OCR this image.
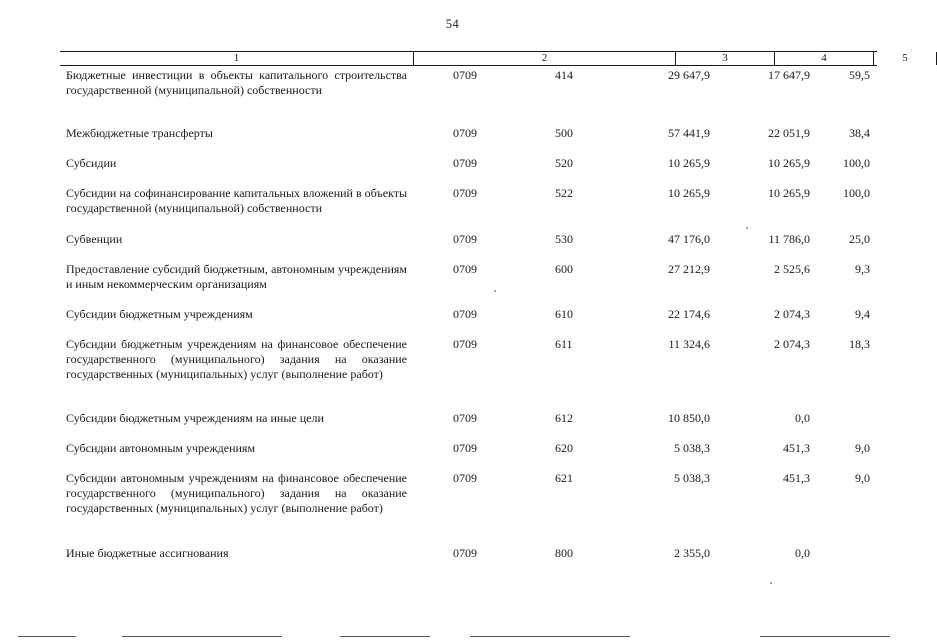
54
1	2	3	4	5
Бюджетные инвестиции в объекты капитального строительства государственной (муниципальной) собственности
0709	414	29 647,9	17 647,9	59,5
Межбюджетные трансферты	0709	500	57 441,9	22 051,9	38,4
Субсидии	0709	520	10 265,9	10 265,9	100,0
Субсидии на софинансирование капитальных вложений в объекты государственной (муниципальной) собственности
0709	522	10 265,9	10 265,9	100,0
Субвенции	0709	530	47 176,0	11 786,0	25,0
Предоставление субсидий бюджетным, автономным учреждениям и иным некоммерческим организациям
0709	600	27 212,9	2 525,6	9,3
Субсидии бюджетным учреждениям	0709	610	22 174,6	2 074,3	9,4
Субсидии бюджетным учреждениям на финансовое обеспечение государственного (муниципального) задания на оказание государственных (муниципальных) услуг (выполнение работ)
0709	611	11 324,6	2 074,3	18,3
Субсидии бюджетным учреждениям на иные цели	0709	612	10 850,0	0,0
Субсидии автономным учреждениям	0709	620	5 038,3	451,3	9,0
Субсидии автономным учреждениям на финансовое обеспечение государственного (муниципального) задания на оказание государственных (муниципальных) услуг (выполнение работ)
0709	621	5 038,3	451,3	9,0
Иные бюджетные ассигнования	0709	800	2 355,0	0,0
